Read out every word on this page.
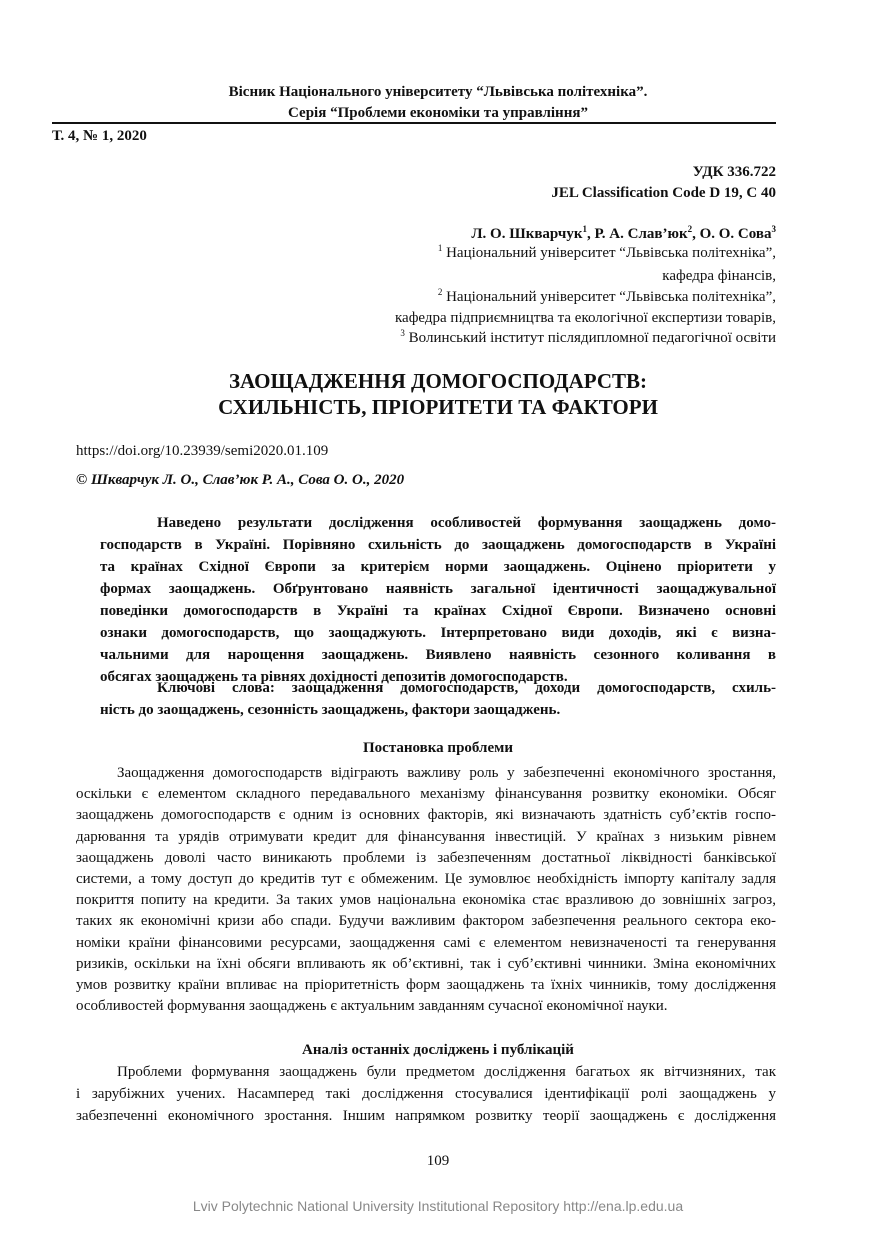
Вісник Національного університету “Львівська політехніка”.
Серія “Проблеми економіки та управління”
Т. 4, № 1, 2020
УДК 336.722
JEL Classification Code D 19, C 40
Л. О. Шкварчук$^1$, Р. А. $Слав’юк^2$, О. О. Сова$^3$
ЗАОЩАДЖЕННЯ ДОМОГОСПОДАРСТВ:
СХИЛЬНІСТЬ, ПРІОРИТЕТИ ТА ФАКТОРИ
https://doi.org/10.23939/semi2020.01.109
© Шкварчук Л. О., Слав’юк Р. А., Сова О. О., 2020
Постановка проблеми
Аналіз останніх досліджень і публікацій
109
Lviv Polytechnic National University Institutional Repository http://ena.lp.edu.ua
$^1$ Національний університет “Львівська політехніка”,
кафедра фінансів,
$^2$ Національний університет “Львівська політехніка”,
кафедра підприємництва та екологічної експертизи товарів,
$^3$ Волинський інститут післядипломної педагогічної освіти
Наведено результати дослідження особливостей формування заощаджень домо-
господарств в Україні. Порівняно схильність до заощаджень домогосподарств в Україні
та країнах Східної Європи за критерієм норми заощаджень. Оцінено пріоритети у
формах заощаджень. Обґрунтовано наявність загальної ідентичності заощаджувальної
поведінки домогосподарств в Україні та країнах Східної Європи. Визначено основні
ознаки домогосподарств, що заощаджують. Інтерпретовано види доходів, які є визна-
чальними для нарощення заощаджень. Виявлено наявність сезонного коливання в
обсягах заощаджень та рівнях дохідності депозитів домогосподарств.
Ключові слова: заощадження домогосподарств, доходи домогосподарств, схиль-
ність до заощаджень, сезонність заощаджень, фактори заощаджень.
Заощадження домогосподарств відіграють важливу роль у забезпеченні економічного зростання,
оскільки є елементом складного передавального механізму фінансування розвитку економіки. Обсяг
заощаджень домогосподарств є одним із основних факторів, які визначають здатність суб’єктів госпо-
дарювання та урядів отримувати кредит для фінансування інвестицій. У країнах з низьким рівнем
заощаджень доволі часто виникають проблеми із забезпеченням достатньої ліквідності банківської
системи, а тому доступ до кредитів тут є обмеженим. Це зумовлює необхідність імпорту капіталу задля
покриття попиту на кредити. За таких умов національна економіка стає вразливою до зовнішніх загроз,
таких як економічні кризи або спади. Будучи важливим фактором забезпечення реального сектора еко-
номіки країни фінансовими ресурсами, заощадження самі є елементом невизначеності та генерування
ризиків, оскільки на їхні обсяги впливають як об’єктивні, так і суб’єктивні чинники. Зміна економічних
умов розвитку країни впливає на пріоритетність форм заощаджень та їхніх чинників, тому дослідження
особливостей формування заощаджень є актуальним завданням сучасної економічної науки.
Проблеми формування заощаджень були предметом дослідження багатьох як вітчизняних, так
і зарубіжних учених. Насамперед такі дослідження стосувалися ідентифікації ролі заощаджень у
забезпеченні економічного зростання. Іншим напрямком розвитку теорії заощаджень є дослідження
